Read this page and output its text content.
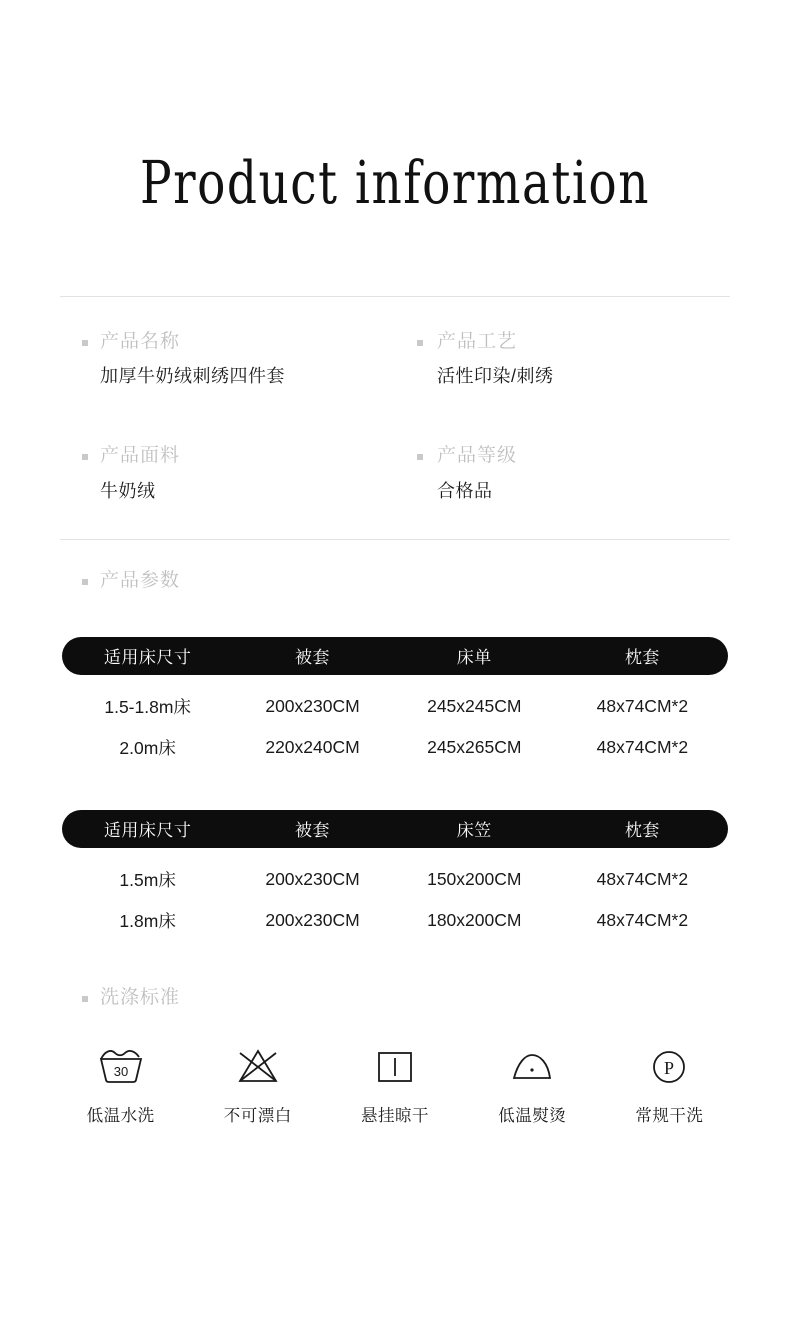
Product information
产品名称
加厚牛奶绒刺绣四件套
产品工艺
活性印染/刺绣
产品面料
牛奶绒
产品等级
合格品
产品参数
适用床尺寸	被套	床单	枕套
1.5-1.8m床	200x230CM	245x245CM	48x74CM*2
2.0m床	220x240CM	245x265CM	48x74CM*2
适用床尺寸	被套	床笠	枕套
1.5m床	200x230CM	150x200CM	48x74CM*2
1.8m床	200x230CM	180x200CM	48x74CM*2
洗涤标准
30
低温水洗	不可漂白	悬挂晾干	低温熨烫
P
常规干洗
